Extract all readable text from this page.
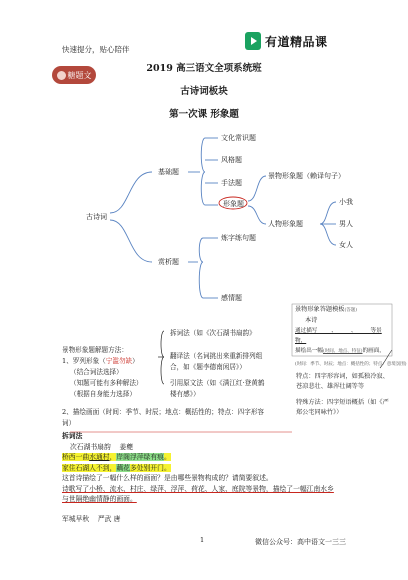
快速提分，贴心陪伴
有道精品课
糖题文
2019 高三语文全项系统班
古诗词板块
第一次课 形象题
古诗词
基础题
赏析题
文化常识题
风格题
手法题
形象题
景物形象题（赖译句子）
人物形象题
小我
男人
女人
炼字练句题
感情题
景物形象答题模板(答题)
本诗
通过描写_____、_____、_____等景物，
描绘出一幅(时间、地点、特征)的画面，
(时间：季节、时辰；地点：概括性的；特点：意境氛围)
特点：四字形容词，如孤独冷寂、
苍凉悲壮、雄浑壮阔等等
特殊方法：四字短语概括（如《严
郑公宅同咏竹》）
景物形象题解题方法：
1、罗列形象（宁滥勿缺）
（结合词法选择）
（知题可能有多种解法）
（根据自身能力选择）
拆词法（如《次石湖书扇韵》
翻译法（名词挑出来重新排列组
合，如《题李德南闲居》）
引用原文法（如《满江红·登黄鹤
楼有感》）
2、描绘画面（时间：季节、时辰；地点：概括性的；特点：四字形容
词）
拆词法
次石湖书扇韵 姜夔
桥西一曲水通村，岸阁浮萍绿有痕。
家住石湖人不到，藕花多处别开门。
这首诗描绘了一幅什么样的画面？是由哪些景物构成的？请简要叙述。
诗歌写了小桥、流水、村庄、绿萍、浮萍、荷花、人家、庭院等景物，描绘了一幅江南水乡
与世隔绝幽情静的画面。
军城早秋 严武 唐
1	微信公众号：高中语文一三三
